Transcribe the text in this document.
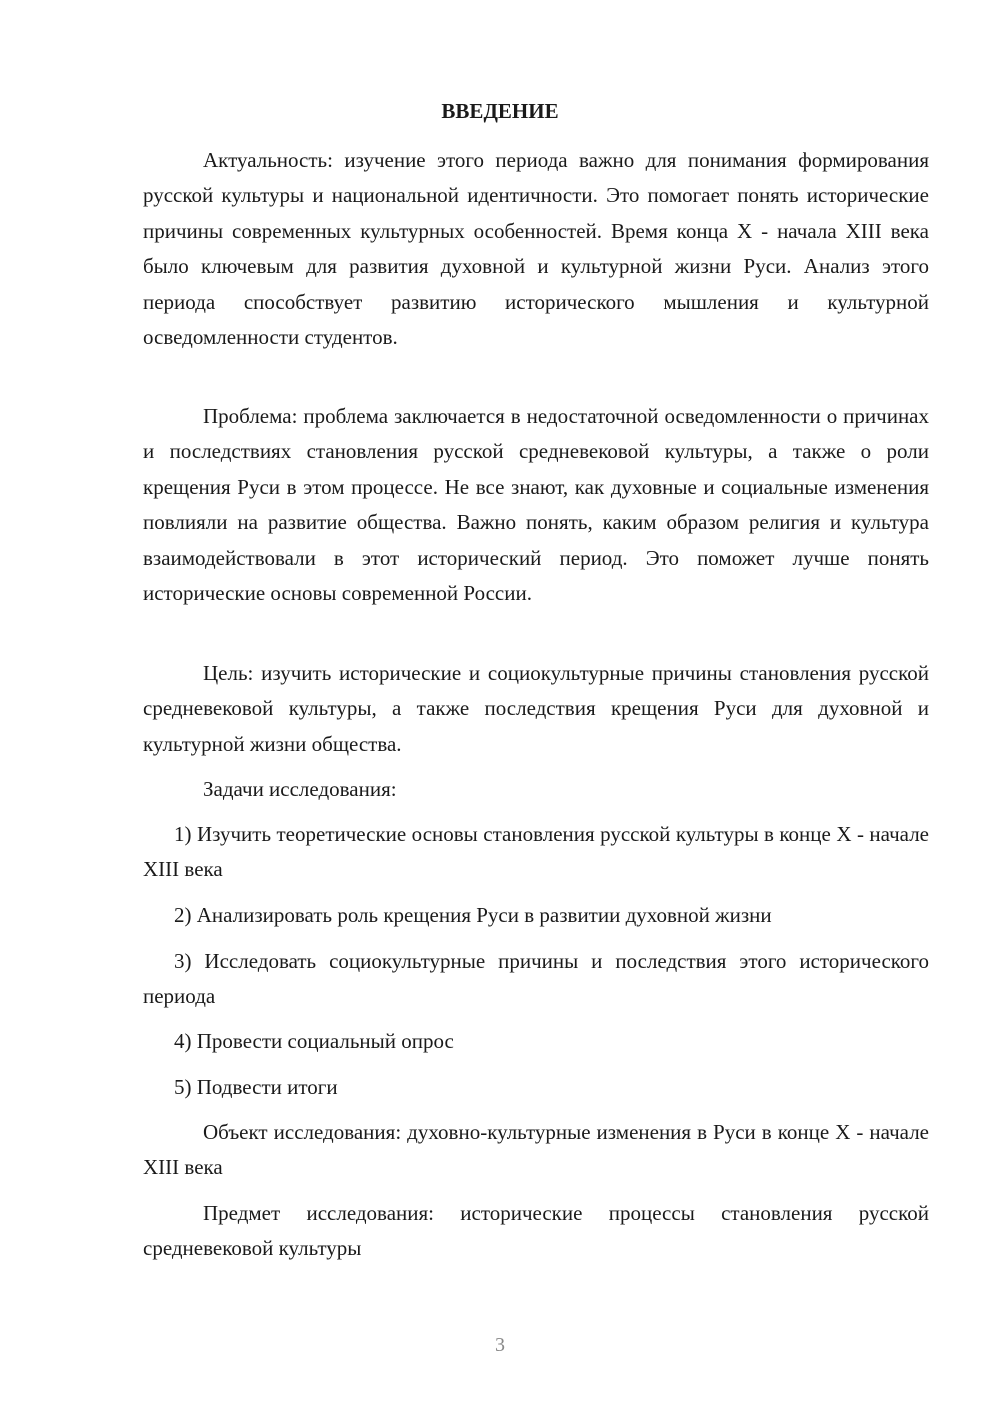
ВВЕДЕНИЕ

Актуальность: изучение этого периода важно для понимания формирования русской культуры и национальной идентичности. Это помогает понять исторические причины современных культурных особенностей. Время конца X - начала XIII века было ключевым для развития духовной и культурной жизни Руси. Анализ этого периода способствует развитию исторического мышления и культурной осведомленности студентов.

Проблема: проблема заключается в недостаточной осведомленности о причинах и последствиях становления русской средневековой культуры, а также о роли крещения Руси в этом процессе. Не все знают, как духовные и социальные изменения повлияли на развитие общества. Важно понять, каким образом религия и культура взаимодействовали в этот исторический период. Это поможет лучше понять исторические основы современной России.

Цель: изучить исторические и социокультурные причины становления русской средневековой культуры, а также последствия крещения Руси для духовной и культурной жизни общества.

Задачи исследования:

1) Изучить теоретические основы становления русской культуры в конце X - начале XIII века

2) Анализировать роль крещения Руси в развитии духовной жизни

3) Исследовать социокультурные причины и последствия этого исторического периода

4) Провести социальный опрос

5) Подвести итоги

Объект исследования: духовно-культурные изменения в Руси в конце X - начале XIII века

Предмет исследования: исторические процессы становления русской средневековой культуры

3
